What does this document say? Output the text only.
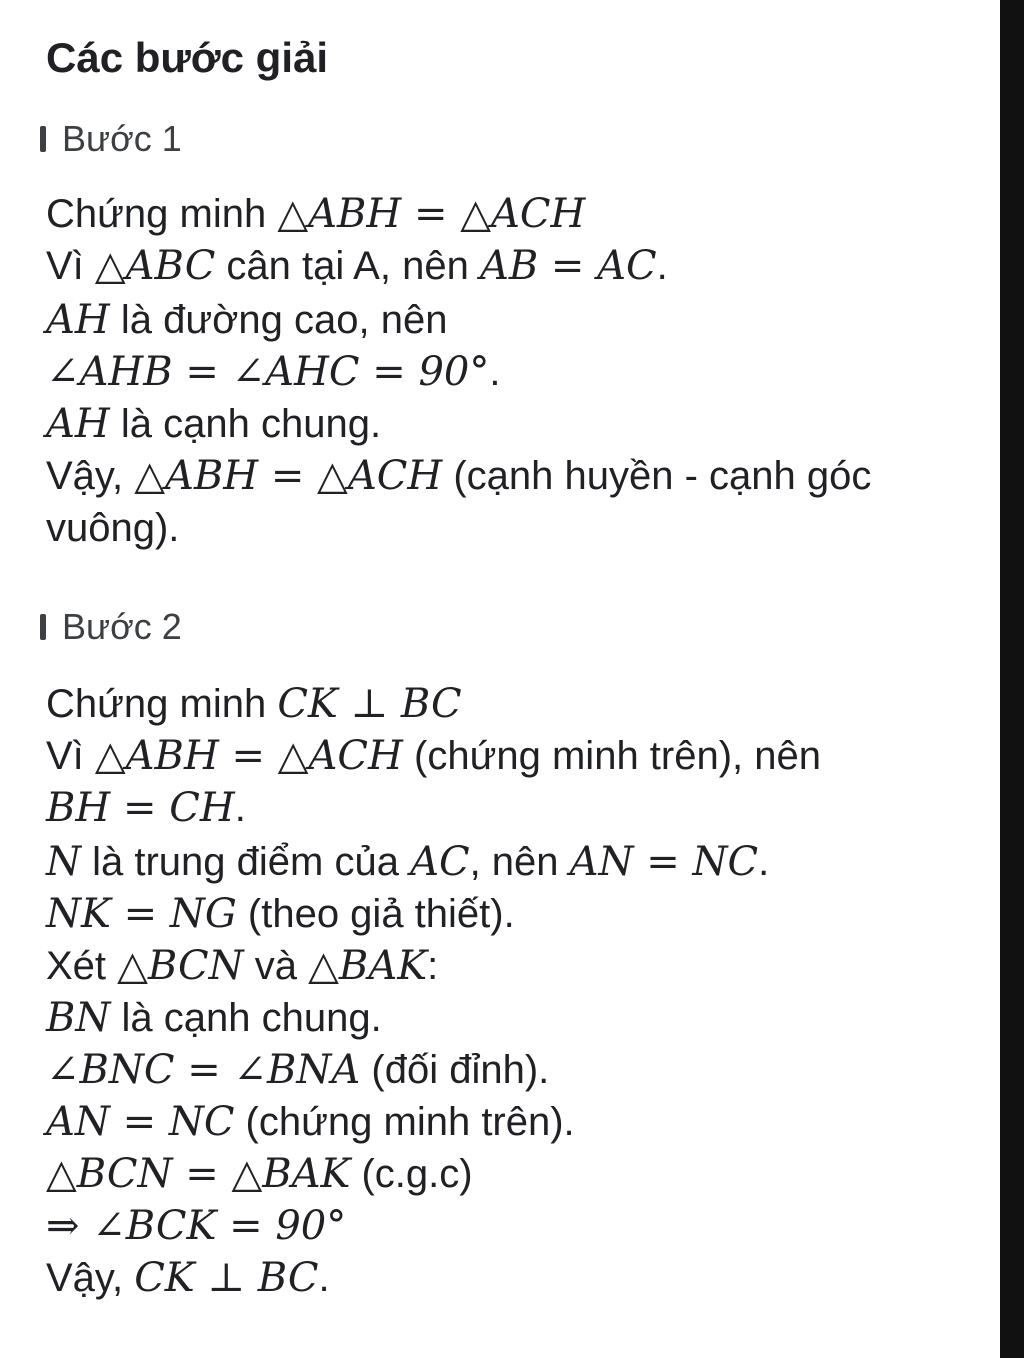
Các bước giải
Bước 1
Chứng minh △ABH = △ACH
Vì △ABC cân tại A, nên AB = AC.
AH là đường cao, nên
∠AHB = ∠AHC = 90°.
AH là cạnh chung.
Vậy, △ABH = △ACH (cạnh huyền - cạnh góc
vuông).
Bước 2
Chứng minh CK ⊥ BC
Vì △ABH = △ACH (chứng minh trên), nên
BH = CH.
N là trung điểm của AC, nên AN = NC.
NK = NG (theo giả thiết).
Xét △BCN và △BAK:
BN là cạnh chung.
∠BNC = ∠BNA (đối đỉnh).
AN = NC (chứng minh trên).
△BCN = △BAK (c.g.c)
⇒ ∠BCK = 90°
Vậy, CK ⊥ BC.
